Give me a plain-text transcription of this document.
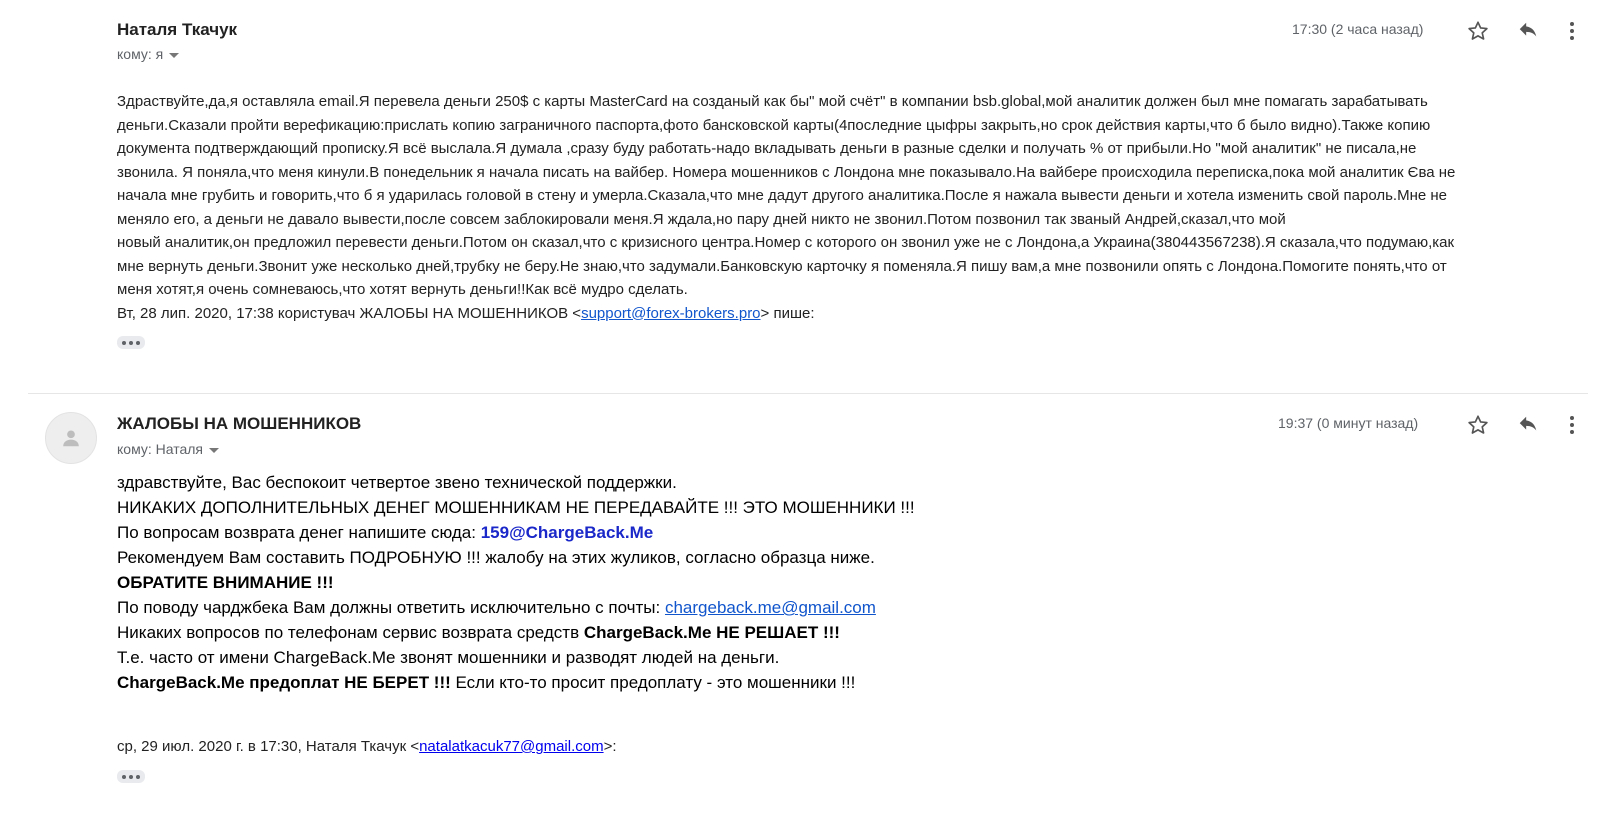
Наталя Ткачук
кому: я
17:30 (2 часа назад)
Здраствуйте,да,я оставляла email.Я перевела деньги 250$ с карты MasterCard на созданый как бы" мой счёт" в компании bsb.global,мой аналитик должен был мне помагать зарабатывать
деньги.Сказали пройти верефикацию:прислать копию заграничного паспорта,фото бансковской карты(4последние цыфры закрыть,но срок действия карты,что б было видно).Также копию
документа подтверждающий прописку.Я всё выслала.Я думала ,сразу буду работать-надо вкладывать деньги в разные сделки и получать % от прибыли.Но "мой аналитик" не писала,не
звонила. Я поняла,что меня кинули.В понедельник я начала писать на вайбер. Номера мошенников с Лондона мне показывало.На вайбере происходила переписка,пока мой аналитик Єва не
начала мне грубить и говорить,что б я ударилась головой в стену и умерла.Сказала,что мне дадут другого аналитика.После я нажала вывести деньги и хотела изменить свой пароль.Мне не
меняло его, а деньги не давало вывести,после совсем заблокировали меня.Я ждала,но пару дней никто не звонил.Потом позвонил так званый Андрей,сказал,что мой
новый аналитик,он предложил перевести деньги.Потом он сказал,что с кризисного центра.Номер с которого он звонил уже не с Лондона,а Украина(380443567238).Я сказала,что подумаю,как
мне вернуть деньги.Звонит уже несколько дней,трубку не беру.Не знаю,что задумали.Банковскую карточку я поменяла.Я пишу вам,а мне позвонили опять с Лондона.Помогите понять,что от
меня хотят,я очень сомневаюсь,что хотят вернуть деньги!!Как всё мудро сделать.
Вт, 28 лип. 2020, 17:38 користувач ЖАЛОБЫ НА МОШЕННИКОВ <support@forex-brokers.pro> пише:
ЖАЛОБЫ НА МОШЕННИКОВ
кому: Наталя
19:37 (0 минут назад)
здравствуйте, Вас беспокоит четвертое звено технической поддержки.
НИКАКИХ ДОПОЛНИТЕЛЬНЫХ ДЕНЕГ МОШЕННИКАМ НЕ ПЕРЕДАВАЙТЕ !!! ЭТО МОШЕННИКИ !!!
По вопросам возврата денег напишите сюда: 159@ChargeBack.Me
Рекомендуем Вам составить ПОДРОБНУЮ !!! жалобу на этих жуликов, согласно образца ниже.
ОБРАТИТЕ ВНИМАНИЕ !!!
По поводу чарджбека Вам должны ответить исключительно с почты: chargeback.me@gmail.com
Никаких вопросов по телефонам сервис возврата средств ChargeBack.Me НЕ РЕШАЕТ !!!
Т.е. часто от имени ChargeBack.Me звонят мошенники и разводят людей на деньги.
ChargeBack.Me предоплат НЕ БЕРЕТ !!! Если кто-то просит предоплату - это мошенники !!!
ср, 29 июл. 2020 г. в 17:30, Наталя Ткачук <natalatkacuk77@gmail.com>:
